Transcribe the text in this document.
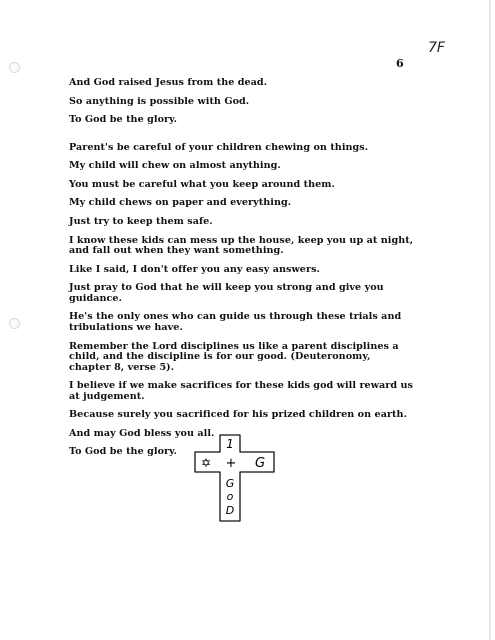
7F
6

And God raised Jesus from the dead.

So anything is possible with God.

To God be the glory.

Parent's be careful of your children chewing on things.

My child will chew on almost anything.

You must be careful what you keep around them.

My child chews on paper and everything.

Just try to keep them safe.

I know these kids can mess up the house, keep you up at night, and fall out when they want something.

Like I said, I don't offer you any easy answers.

Just pray to God that he will keep you strong and give you guidance.

He's the only ones who can guide us through these trials and tribulations we have.

Remember the Lord disciplines us like a parent disciplines a child, and the discipline is for our good. (Deuteronomy, chapter 8, verse 5).

I believe if we make sacrifices for these kids god will reward us at judgement.

Because surely you sacrificed for his prized children on earth.

And may God bless you all.

To God be the glory.

1
✡ + G
G
o
D
